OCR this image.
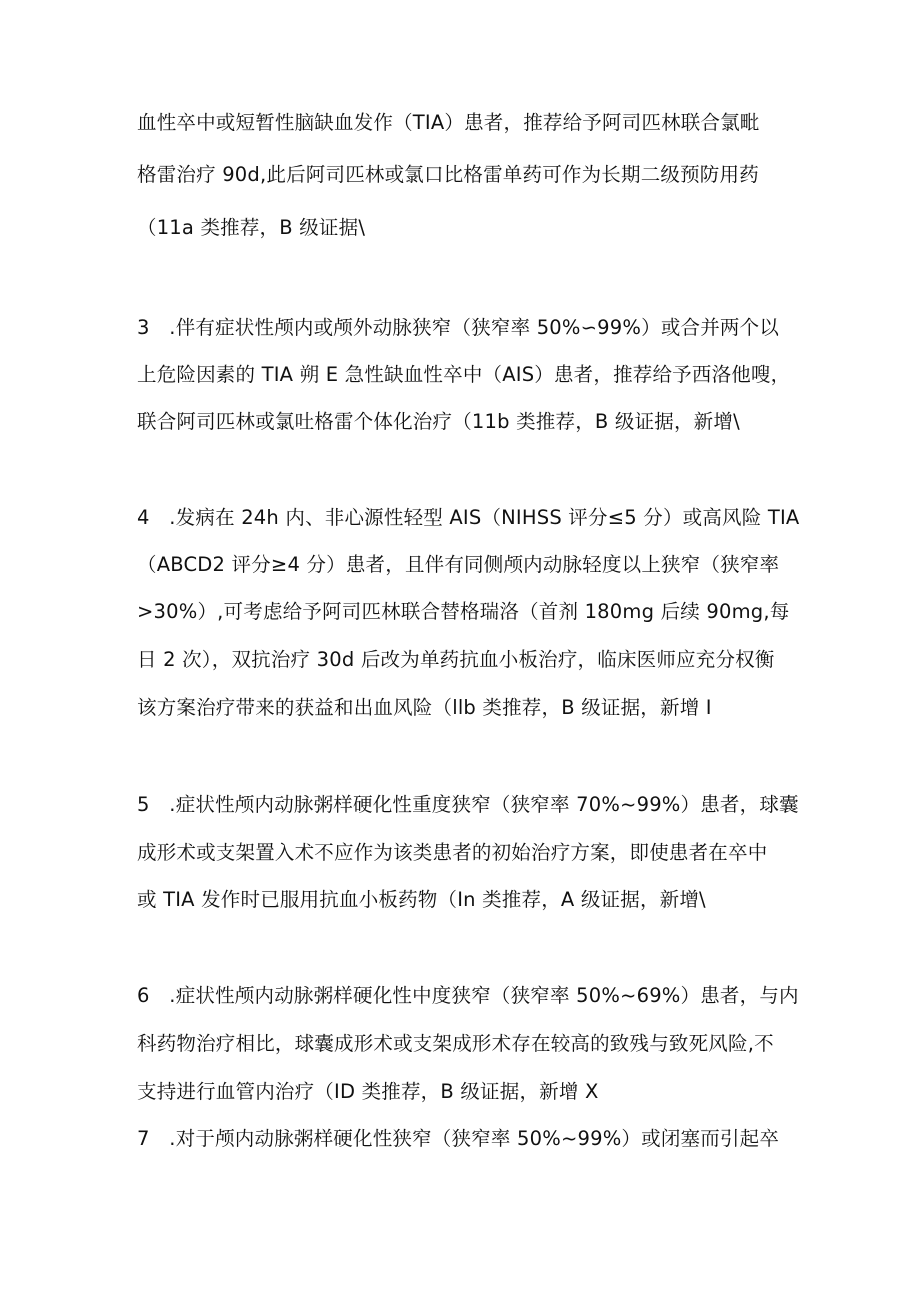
血性卒中或短暂性脑缺血发作（TIA）患者，推荐给予阿司匹林联合氯毗
格雷治疗 90d,此后阿司匹林或氯口比格雷单药可作为长期二级预防用药
（11a 类推荐，B 级证据\
3　.伴有症状性颅内或颅外动脉狭窄（狭窄率 50%∽99%）或合并两个以
上危险因素的 TIA 朔 E 急性缺血性卒中（AIS）患者，推荐给予西洛他嗖，
联合阿司匹林或氯吐格雷个体化治疗（11b 类推荐，B 级证据，新增\
4　.发病在 24h 内、非心源性轻型 AIS（NIHSS 评分≤5 分）或高风险 TIA
（ABCD2 评分≥4 分）患者，且伴有同侧颅内动脉轻度以上狭窄（狭窄率
>30%）,可考虑给予阿司匹林联合替格瑞洛（首剂 180mg 后续 90mg,每
日 2 次），双抗治疗 30d 后改为单药抗血小板治疗，临床医师应充分权衡
该方案治疗带来的获益和出血风险（llb 类推荐，B 级证据，新增 I
5　.症状性颅内动脉粥样硬化性重度狭窄（狭窄率 70%~99%）患者，球囊
成形术或支架置入术不应作为该类患者的初始治疗方案，即使患者在卒中
或 TIA 发作时已服用抗血小板药物（In 类推荐，A 级证据，新增\
6　.症状性颅内动脉粥样硬化性中度狭窄（狭窄率 50%~69%）患者，与内
科药物治疗相比，球囊成形术或支架成形术存在较高的致残与致死风险,不
支持进行血管内治疗（ID 类推荐，B 级证据，新增 X
7　.对于颅内动脉粥样硬化性狭窄（狭窄率 50%~99%）或闭塞而引起卒
